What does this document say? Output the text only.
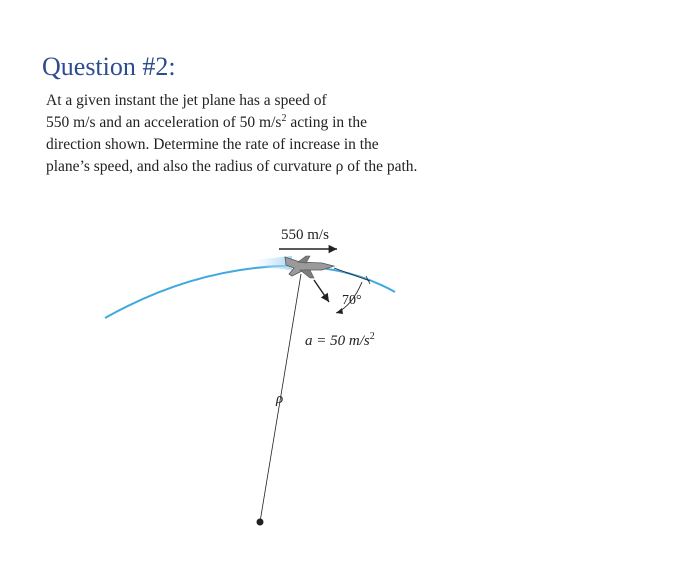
Question #2:
At a given instant the jet plane has a speed of
550 m/s and an acceleration of 50 $m/s^2$ acting in the
direction shown. Determine the rate of increase in the
plane’s speed, and also the radius of curvature ρ of the path.
550 m/s
70°
a = 50 $m/s^2$
ρ
